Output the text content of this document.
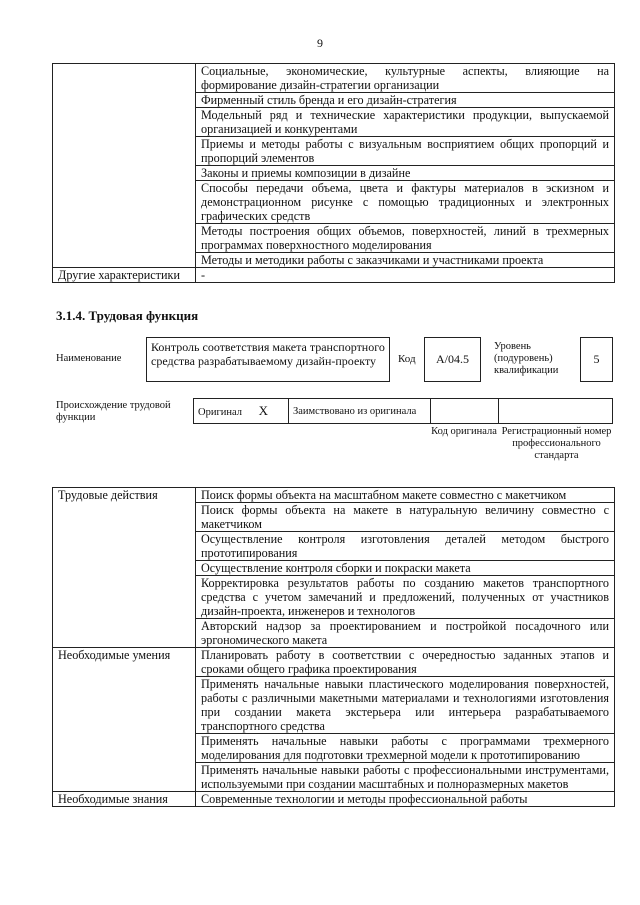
9
	Социальные, экономические, культурные аспекты, влияющие на формирование дизайн-стратегии организации
	Фирменный стиль бренда и его дизайн-стратегия
	Модельный ряд и технические характеристики продукции, выпускаемой организацией и конкурентами
	Приемы и методы работы с визуальным восприятием общих пропорций и пропорций элементов
	Законы и приемы композиции в дизайне
	Способы передачи объема, цвета и фактуры материалов в эскизном и демонстрационном рисунке с помощью традиционных и электронных графических средств
	Методы построения общих объемов, поверхностей, линий в трехмерных программах поверхностного моделирования
	Методы и методики работы с заказчиками и участниками проекта
Другие характеристики	-
3.1.4. Трудовая функция
Наименование
Контроль соответствия макета транспортного средства разрабатываемому дизайн-проекту	Код	A/04.5
Уровень (подуровень) квалификации
5
Происхождение трудовой функции	Оригинал X	Заимствовано из оригинала		
Код оригинала Регистрационный номер профессионального стандарта
Трудовые действия	Поиск формы объекта на масштабном макете совместно с макетчиком
	Поиск формы объекта на макете в натуральную величину совместно с макетчиком
	Осуществление контроля изготовления деталей методом быстрого прототипирования
	Осуществление контроля сборки и покраски макета
	Корректировка результатов работы по созданию макетов транспортного средства с учетом замечаний и предложений, полученных от участников дизайн-проекта, инженеров и технологов
	Авторский надзор за проектированием и постройкой посадочного или эргономического макета
Необходимые умения	Планировать работу в соответствии с очередностью заданных этапов и сроками общего графика проектирования
	Применять начальные навыки пластического моделирования поверхностей, работы с различными макетными материалами и технологиями изготовления при создании макета экстерьера или интерьера разрабатываемого транспортного средства
	Применять начальные навыки работы с программами трехмерного моделирования для подготовки трехмерной модели к прототипированию
	Применять начальные навыки работы с профессиональными инструментами, используемыми при создании масштабных и полноразмерных макетов
Необходимые знания	Современные технологии и методы профессиональной работы
